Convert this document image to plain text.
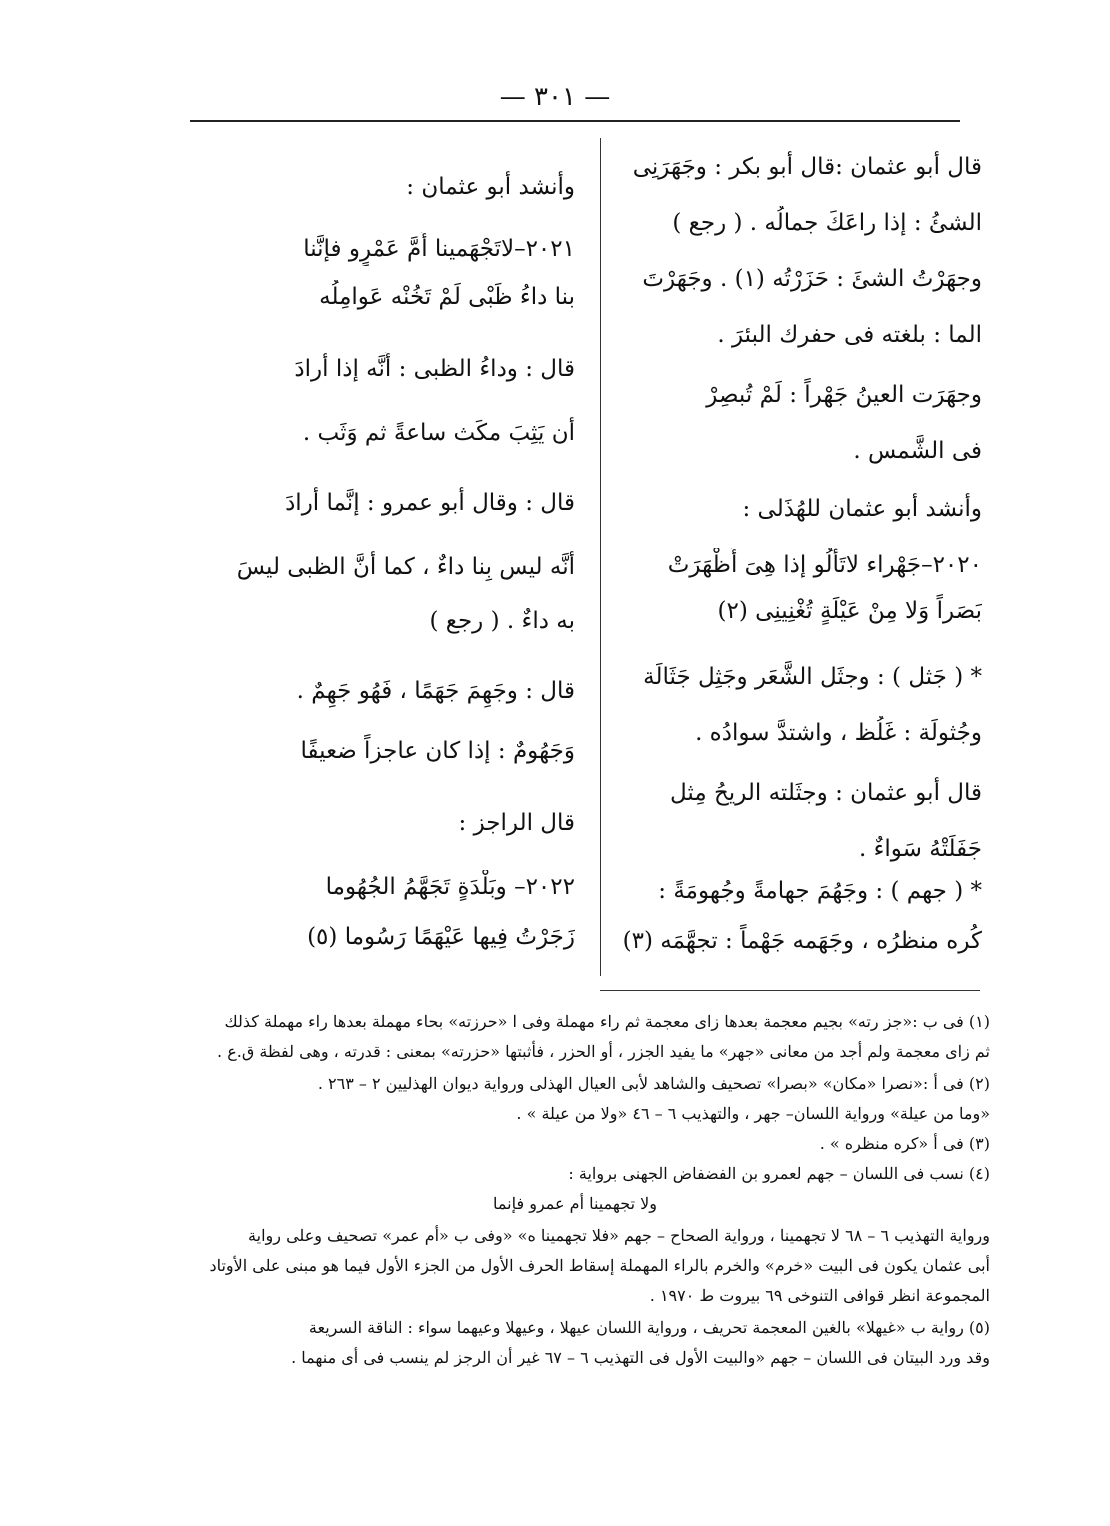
— ٣٠١ —
قال أبو عثمان :قال أبو بكر : وجَهَرَنِى
الشئُ : إذا راعَكَ جمالُه . ( رجع )
وجهَرْتُ الشئَ : حَزَرْتُه (١) . وجَهَرْتَ
الما : بلغته فى حفرك البئرَ .
وجهَرَت العينُ جَهْراً : لَمْ تُبصِرْ
فى الشَّمس .
وأنشد أبو عثمان للهُذَلى :
٢٠٢٠–جَهْراء لاتَألُو إذا هِىَ أَظْهَرَتْ
بَصَراً وَلا مِنْ عَيْلَةٍ تُغْنِينِى (٢)
* ( جَثل ) : وجثَل الشَّعَر وجَثِل جَثَالَة
وجُثولَة : غَلُظ ، واشتدَّ سوادُه .
قال أبو عثمان : وجثَلته الريحُ مِثل
جَفَلَتْهُ سَواءٌ .
* ( جهم ) : وجَهُمَ جهامةً وجُهومَةً :
كُره منظرُه ، وجَهَمه جَهْماً : تجهَّمَه (٣)
وأنشد أبو عثمان :
٢٠٢١–لاتَجْهَمينا أُمَّ عَمْرٍو فإنَّنا
بنا داءُ ظَبْى لَمْ تَخُنْه عَوامِلُه
قال : وداءُ الظبى : أَنَّه إذا أرادَ
أن يَثِبَ مكَث ساعةً ثم وَثَب .
قال : وقال أبو عمرو : إنَّما أرادَ
أنَّه ليس بِنا داءٌ ، كما أنَّ الظبى ليسَ
به داءٌ . ( رجع )
قال : وجَهِمَ جَهَمًا ، فَهُو جَهِمٌ .
وَجَهُومٌ : إذا كان عاجزاً ضعيفًا
قال الراجز :
٢٠٢٢– وبَلْدَةٍ تَجَهَّمُ الجُهُوما
زَجَرْتُ فِيها عَيْهَمًا رَسُوما (٥)
(١) فى ب :«جز رته» بجيم معجمة بعدها زاى معجمة ثم راء مهملة وفى ا «حرزته» بحاء مهملة بعدها راء مهملة كذلك
ثم زاى معجمة ولم أجد من معانى «جهر» ما يفيد الجزر ، أو الحزر ، فأثبتها «حزرته» بمعنى : قدرته ، وهى لفظة ق.ع .
(٢) فى أ :«نصرا «مكان» «بصرا» تصحيف والشاهد لأبى العيال الهذلى ورواية ديوان الهذليين ٢ – ٢٦٣ .
«وما من عيلة» ورواية اللسان– جهر ، والتهذيب ٦ – ٤٦ «ولا من عيلة » .
(٣) فى أ «كره منظره » .
(٤) نسب فى اللسان – جهم لعمرو بن الفضفاض الجهنى برواية :
ولا تجهمينا أم عمرو فإنما
ورواية التهذيب ٦ – ٦٨ لا تجهمينا ، ورواية الصحاح – جهم «فلا تجهمينا ه» «وفى ب «أم عمر» تصحيف وعلى رواية
أبى عثمان يكون فى البيت «خرم» والخرم بالراء المهملة إسقاط الحرف الأول من الجزء الأول فيما هو مبنى على الأوتاد
المجموعة انظر قوافى التنوخى ٦٩ بيروت ط ١٩٧٠ .
(٥) رواية ب «غيهلا» بالغين المعجمة تحريف ، ورواية اللسان عيهلا ، وعيهلا وعيهما سواء : الناقة السريعة
وقد ورد البيتان فى اللسان – جهم «والبيت الأول فى التهذيب ٦ – ٦٧ غير أن الرجز لم ينسب فى أى منهما .
